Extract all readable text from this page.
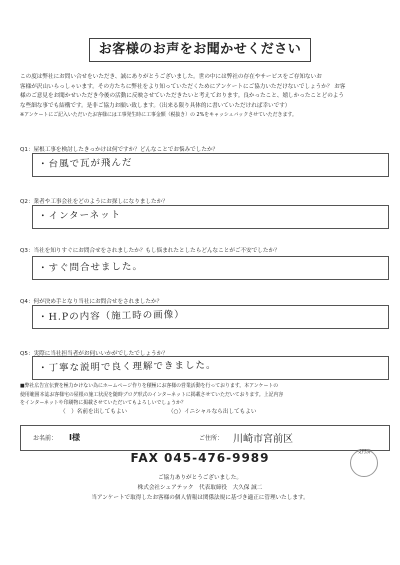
お客様のお声をお聞かせください
この度は弊社にお問い合せをいただき、誠にありがとうございました。世の中には弊社の存在やサービスをご存知ないお
客様が沢山いらっしゃいます。その方たちに弊社をより知っていただくためにアンケートにご協力いただけないでしょうか？ お客
様のご意見をお聞かせいただき今後の活動に反映させていただきたいと考えております。良かったこと、嬉しかったことどのよう
な些細な事でも結構です。是非ご協力お願い致します。（出来る限り具体的に書いていただければ幸いです）
※アンケートにご記入いただいたお客様には工事発生時に工事金額（税抜き）の 2%をキャッシュバックさせていただきます。
Q1：屋根工事を検討したきっかけは何ですか？どんなことでお悩みでしたか？
・台風で瓦が飛んだ
Q2：業者や工事会社をどのようにお探しになりましたか？
・インターネット
Q3：当社を知りすぐにお問合せをされましたか？もし悩まれたとしたらどんなことがご不安でしたか？
・すぐ問合せました。
Q4：何が決め手となり当社にお問合せをされましたか？
・H.Pの内容（施工時の画像）
Q5：実際に当社担当者がお伺いいかがでしたでしょうか？
・丁寧な説明で良く理解できました。
■弊社広告宣伝費を極力かけない為にホームページ作りを積極にお客様の営業活動を行っております。本アンケートの
使用範囲本誌お客様宅の屋根の施工状況を随時ブログ形式のインターネットに掲載させていただいております。上記内容
をインターネットや印刷物に掲載させていただいてもよろしいでしょうか？
（　）名前を出してもよい	（○）イニシャルなら出してもよい
お名前： I様	ご住所： 川崎市宮前区
FAX 045-476-9989	受付済
ご協力ありがとうございました。
株式会社シェアテック　代表取締役　大久保 誠二
当アンケートで取得したお客様の個人情報は関係法規に基づき適正に管理いたします。
